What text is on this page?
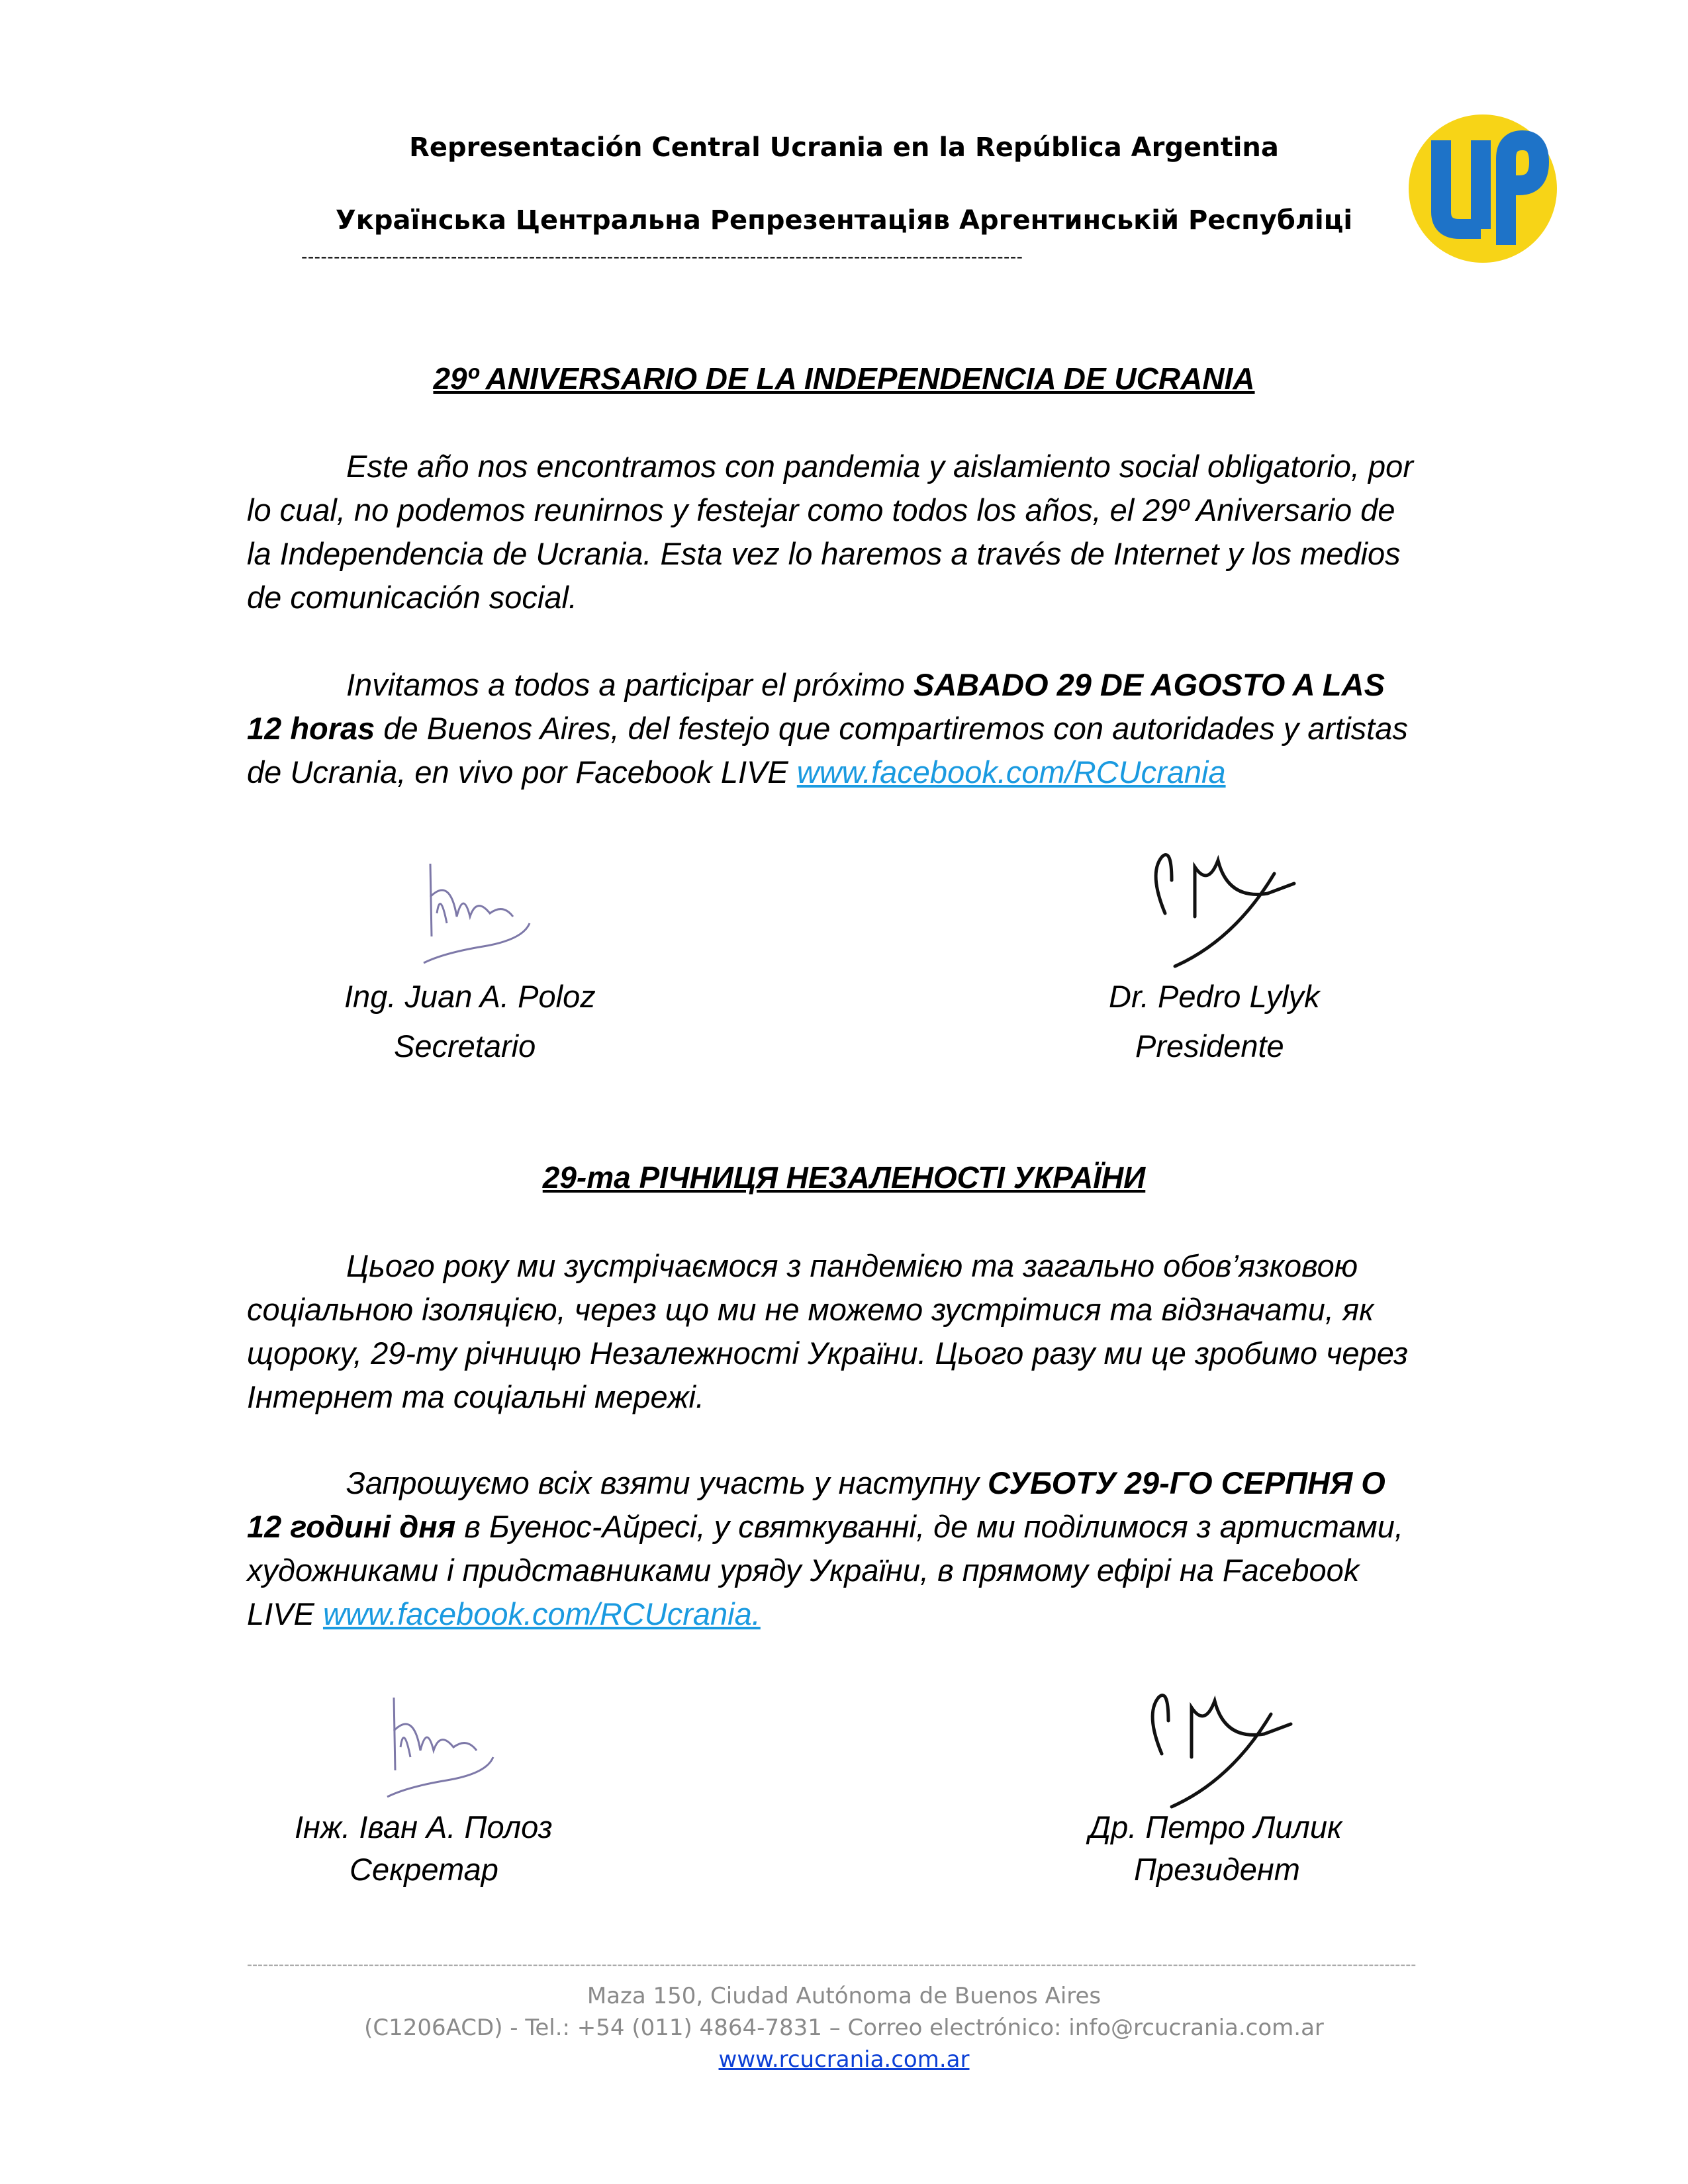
Representación Central Ucrania en la República Argentina
Українська Центральна Репрезентаціяв Аргентинській Республіці
---------------------------------------------------------------------------------------------------------------
29º ANIVERSARIO DE LA INDEPENDENCIA DE UCRANIA
Este año nos encontramos con pandemia y aislamiento social obligatorio, por lo cual, no podemos reunirnos y festejar como todos los años, el 29º Aniversario de la Independencia de Ucrania. Esta vez lo haremos a través de Internet y los medios de comunicación social.
Invitamos a todos a participar el próximo SABADO 29 DE AGOSTO A LAS 12 horas de Buenos Aires, del festejo que compartiremos con autoridades y artistas de Ucrania, en vivo por Facebook LIVE www.facebook.com/RCUcrania
Ing. Juan A. Poloz
Secretario
Dr. Pedro Lylyk
Presidente
29-та РІЧНИЦЯ НЕЗАЛЕНОСТІ УКРАЇНИ
Цього року ми зустрічаємося з пандемією та загально обов’язковою соціальною ізоляцією, через що ми не можемо зустрітися та відзначати, як щороку, 29-ту річницю Незалежності України. Цього разу ми це зробимо через Інтернет та соціальні мережі.
Запрошуємо всіх взяти участь у наступну СУБОТУ 29-ГО СЕРПНЯ О 12 годині дня в Буенос-Айресі, у святкуванні, де ми поділимося з артистами, художниками і придставниками уряду України, в прямому ефірі на Facebook LIVE www.facebook.com/RCUcrania.
Інж. Іван А. Полоз
Секретар
Др. Петро Лилик
Президент
-----------------------------------------------------------------------------------------------------------------------------------------------------------------------------------------------------------------------------
Maza 150, Ciudad Autónoma de Buenos Aires
(C1206ACD) - Tel.: +54 (011) 4864-7831 – Correo electrónico: info@rcucrania.com.ar
www.rcucrania.com.ar
